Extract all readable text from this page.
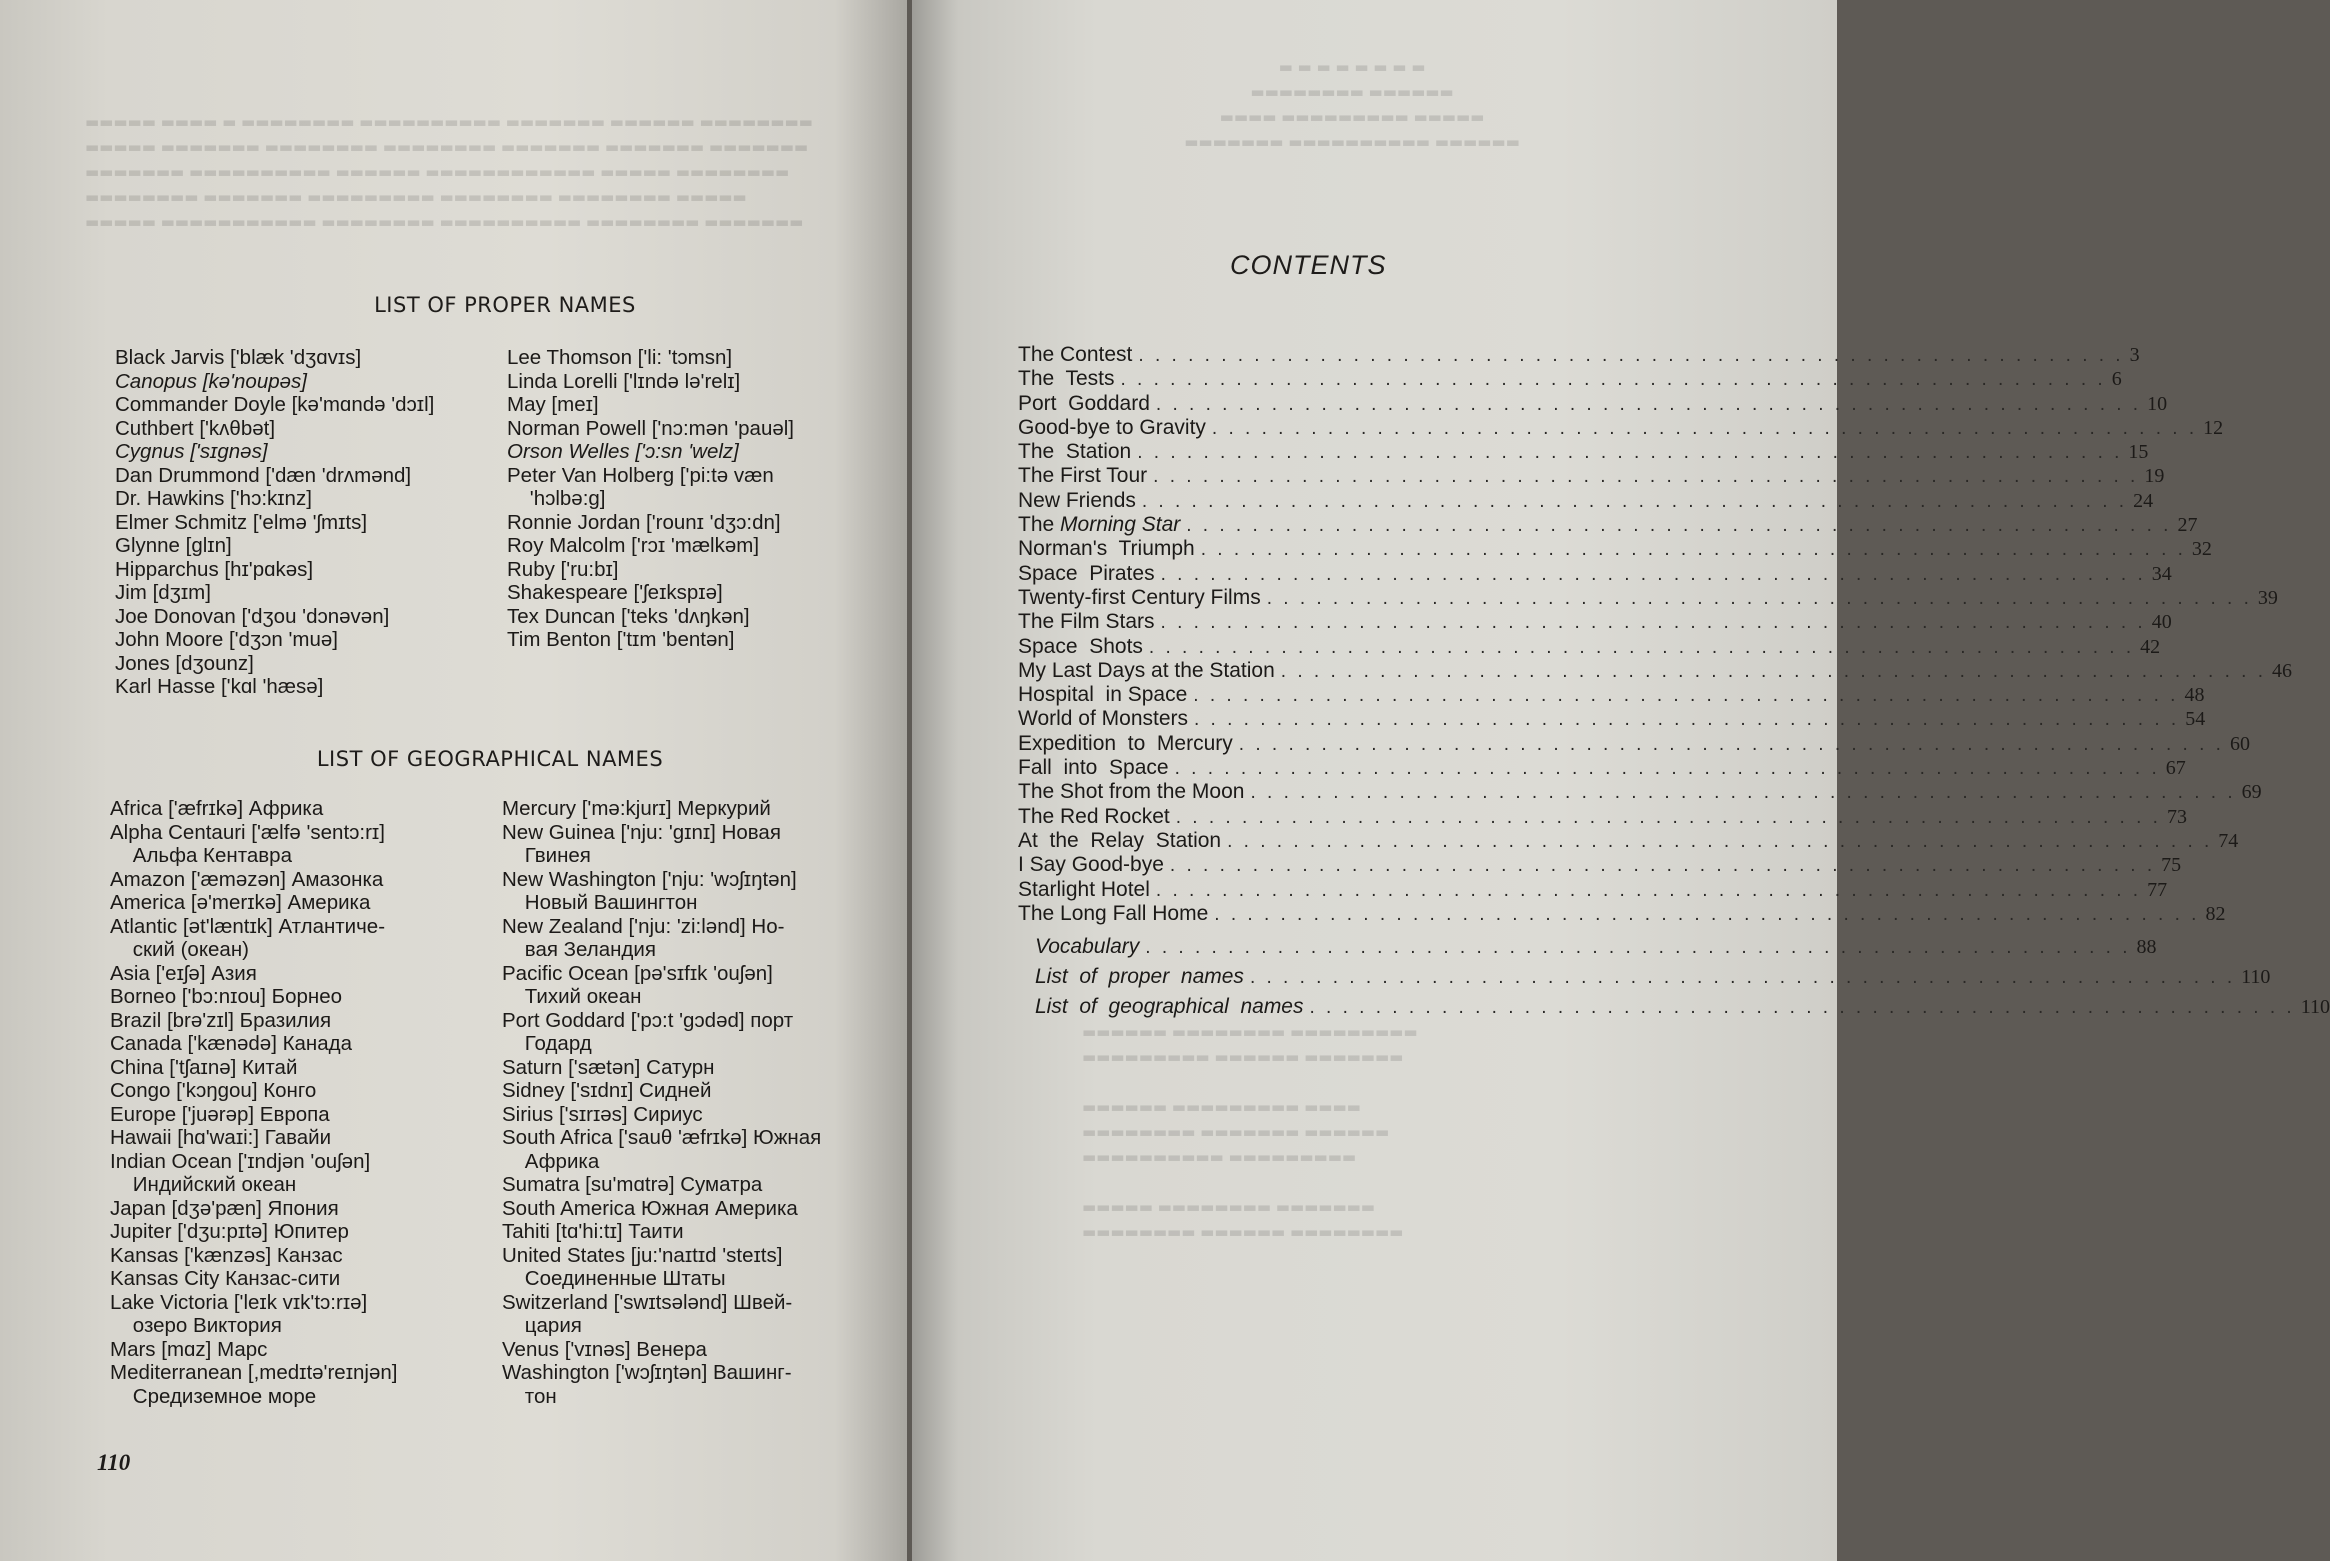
▬▬▬▬▬ ▬▬▬▬ ▬ ▬▬▬▬▬▬▬▬ ▬▬▬▬▬▬▬▬▬▬ ▬▬▬▬▬▬▬ ▬▬▬▬▬▬ ▬▬▬▬▬▬▬▬
▬▬▬▬▬ ▬▬▬▬▬▬▬ ▬▬▬▬▬▬▬▬ ▬▬▬▬▬▬▬▬ ▬▬▬▬▬▬▬ ▬▬▬▬▬▬▬ ▬▬▬▬▬▬▬
▬▬▬▬▬▬▬ ▬▬▬▬▬▬▬▬▬▬ ▬▬▬▬▬▬ ▬▬▬▬▬▬▬▬▬▬▬▬ ▬▬▬▬▬ ▬▬▬▬▬▬▬▬
▬▬▬▬▬▬▬▬ ▬▬▬▬▬▬▬ ▬▬▬▬▬▬▬▬▬ ▬▬▬▬▬▬▬▬ ▬▬▬▬▬▬▬▬ ▬▬▬▬▬
▬▬▬▬▬ ▬▬▬▬▬▬▬▬▬▬▬ ▬▬▬▬▬▬▬▬ ▬▬▬▬▬▬▬▬▬▬ ▬▬▬▬▬▬▬▬ ▬▬▬▬▬▬▬
LIST OF PROPER NAMES
Black Jarvis ['blæk 'dʒɑvɪs]
Canopus [kə'noupəs]
Commander Doyle [kə'mɑndə 'dɔɪl]
Cuthbert ['kʌθbət]
Cygnus ['sɪgnəs]
Dan Drummond ['dæn 'drʌmənd]
Dr. Hawkins ['hɔ:kɪnz]
Elmer Schmitz ['elmə 'ʃmɪts]
Glynne [glɪn]
Hipparchus [hɪ'pɑkəs]
Jim [dʒɪm]
Joe Donovan ['dʒou 'dɔnəvən]
John Moore ['dʒɔn 'muə]
Jones [dʒounz]
Karl Hasse ['kɑl 'hæsə]
Lee Thomson ['li: 'tɔmsn]
Linda Lorelli ['lɪndə lə'relɪ]
May [meɪ]
Norman Powell ['nɔ:mən 'pauəl]
Orson Welles ['ɔ:sn 'welz]
Peter Van Holberg ['pi:tə væn
'hɔlbə:g]
Ronnie Jordan ['rounɪ 'dʒɔ:dn]
Roy Malcolm ['rɔɪ 'mælkəm]
Ruby ['ru:bɪ]
Shakespeare ['ʃeɪkspɪə]
Tex Duncan ['teks 'dʌŋkən]
Tim Benton ['tɪm 'bentən]
LIST OF GEOGRAPHICAL NAMES
Africa ['æfrɪkə] Африка
Alpha Centauri ['ælfə 'sentɔ:rɪ]
Альфа Кентавра
Amazon ['æməzən] Амазонка
America [ə'merɪkə] Америка
Atlantic [ət'læntɪk] Атлантиче-
ский (океан)
Asia ['eɪʃə] Азия
Borneo ['bɔ:nɪou] Борнео
Brazil [brə'zɪl] Бразилия
Canada ['kænədə] Канада
China ['tʃaɪnə] Китай
Congo ['kɔŋgou] Конго
Europe ['juərəp] Европа
Hawaii [hɑ'waɪi:] Гавайи
Indian Ocean ['ɪndjən 'ouʃən]
Индийский океан
Japan [dʒə'pæn] Япония
Jupiter ['dʒu:pɪtə] Юпитер
Kansas ['kænzəs] Канзас
Kansas City Канзас-сити
Lake Victoria ['leɪk vɪk'tɔ:rɪə]
озеро Виктория
Mars [mɑz] Марс
Mediterranean [,medɪtə'reɪnjən]
Средиземное море
Mercury ['mə:kjurɪ] Меркурий
New Guinea ['nju: 'gɪnɪ] Новая
Гвинея
New Washington ['nju: 'wɔʃɪŋtən]
Новый Вашингтон
New Zealand ['nju: 'zi:lənd] Но-
вая Зеландия
Pacific Ocean [pə'sɪfɪk 'ouʃən]
Тихий океан
Port Goddard ['pɔ:t 'gɔdəd] порт
Годард
Saturn ['sætən] Сатурн
Sidney ['sɪdnɪ] Сидней
Sirius ['sɪrɪəs] Сириус
South Africa ['sauθ 'æfrɪkə] Южная
Африка
Sumatra [su'mɑtrə] Суматра
South America Южная Америка
Tahiti [tɑ'hi:tɪ] Таити
United States [ju:'naɪtɪd 'steɪts]
Соединенные Штаты
Switzerland ['swɪtsələnd] Швей-
цария
Venus ['vɪnəs] Венера
Washington ['wɔʃɪŋtən] Вашинг-
тон
110
▬ ▬ ▬ ▬ ▬ ▬ ▬ ▬
▬▬▬▬▬▬▬▬ ▬▬▬▬▬▬
▬▬▬▬ ▬▬▬▬▬▬▬▬▬ ▬▬▬▬▬
▬▬▬▬▬▬▬ ▬▬▬▬▬▬▬▬▬▬ ▬▬▬▬▬▬
▬▬▬▬▬▬ ▬▬▬▬▬▬▬▬ ▬▬▬▬▬▬▬▬▬
▬▬▬▬▬▬▬▬▬ ▬▬▬▬▬▬ ▬▬▬▬▬▬▬

▬▬▬▬▬▬ ▬▬▬▬▬▬▬▬▬ ▬▬▬▬
▬▬▬▬▬▬▬▬ ▬▬▬▬▬▬▬ ▬▬▬▬▬▬
▬▬▬▬▬▬▬▬▬▬ ▬▬▬▬▬▬▬▬▬

▬▬▬▬▬ ▬▬▬▬▬▬▬▬ ▬▬▬▬▬▬▬
▬▬▬▬▬▬▬▬ ▬▬▬▬▬▬ ▬▬▬▬▬▬▬▬
CONTENTS
The Contest . . . . . . . . . . . . . . . . . . . . . . . . . . . . . . . . . . . . . . . . . . . . . . . . . . . . . . . . . . . . 3
The  Tests . . . . . . . . . . . . . . . . . . . . . . . . . . . . . . . . . . . . . . . . . . . . . . . . . . . . . . . . . . . . 6
Port  Goddard . . . . . . . . . . . . . . . . . . . . . . . . . . . . . . . . . . . . . . . . . . . . . . . . . . . . . . . . . . . . 10
Good-bye to Gravity . . . . . . . . . . . . . . . . . . . . . . . . . . . . . . . . . . . . . . . . . . . . . . . . . . . . . . . . . . . . 12
The  Station . . . . . . . . . . . . . . . . . . . . . . . . . . . . . . . . . . . . . . . . . . . . . . . . . . . . . . . . . . . . 15
The First Tour . . . . . . . . . . . . . . . . . . . . . . . . . . . . . . . . . . . . . . . . . . . . . . . . . . . . . . . . . . . . 19
New Friends . . . . . . . . . . . . . . . . . . . . . . . . . . . . . . . . . . . . . . . . . . . . . . . . . . . . . . . . . . . . 24
The Morning Star . . . . . . . . . . . . . . . . . . . . . . . . . . . . . . . . . . . . . . . . . . . . . . . . . . . . . . . . . . . . 27
Norman's  Triumph . . . . . . . . . . . . . . . . . . . . . . . . . . . . . . . . . . . . . . . . . . . . . . . . . . . . . . . . . . . . 32
Space  Pirates . . . . . . . . . . . . . . . . . . . . . . . . . . . . . . . . . . . . . . . . . . . . . . . . . . . . . . . . . . . . 34
Twenty-first Century Films . . . . . . . . . . . . . . . . . . . . . . . . . . . . . . . . . . . . . . . . . . . . . . . . . . . . . . . . . . . . 39
The Film Stars . . . . . . . . . . . . . . . . . . . . . . . . . . . . . . . . . . . . . . . . . . . . . . . . . . . . . . . . . . . . 40
Space  Shots . . . . . . . . . . . . . . . . . . . . . . . . . . . . . . . . . . . . . . . . . . . . . . . . . . . . . . . . . . . . 42
My Last Days at the Station . . . . . . . . . . . . . . . . . . . . . . . . . . . . . . . . . . . . . . . . . . . . . . . . . . . . . . . . . . . . 46
Hospital  in Space . . . . . . . . . . . . . . . . . . . . . . . . . . . . . . . . . . . . . . . . . . . . . . . . . . . . . . . . . . . . 48
World of Monsters . . . . . . . . . . . . . . . . . . . . . . . . . . . . . . . . . . . . . . . . . . . . . . . . . . . . . . . . . . . . 54
Expedition  to  Mercury . . . . . . . . . . . . . . . . . . . . . . . . . . . . . . . . . . . . . . . . . . . . . . . . . . . . . . . . . . . . 60
Fall  into  Space . . . . . . . . . . . . . . . . . . . . . . . . . . . . . . . . . . . . . . . . . . . . . . . . . . . . . . . . . . . . 67
The Shot from the Moon . . . . . . . . . . . . . . . . . . . . . . . . . . . . . . . . . . . . . . . . . . . . . . . . . . . . . . . . . . . . 69
The Red Rocket . . . . . . . . . . . . . . . . . . . . . . . . . . . . . . . . . . . . . . . . . . . . . . . . . . . . . . . . . . . . 73
At  the  Relay  Station . . . . . . . . . . . . . . . . . . . . . . . . . . . . . . . . . . . . . . . . . . . . . . . . . . . . . . . . . . . . 74
I Say Good-bye . . . . . . . . . . . . . . . . . . . . . . . . . . . . . . . . . . . . . . . . . . . . . . . . . . . . . . . . . . . . 75
Starlight Hotel . . . . . . . . . . . . . . . . . . . . . . . . . . . . . . . . . . . . . . . . . . . . . . . . . . . . . . . . . . . . 77
The Long Fall Home . . . . . . . . . . . . . . . . . . . . . . . . . . . . . . . . . . . . . . . . . . . . . . . . . . . . . . . . . . . . 82
Vocabulary . . . . . . . . . . . . . . . . . . . . . . . . . . . . . . . . . . . . . . . . . . . . . . . . . . . . . . . . . . . . 88
List  of  proper  names . . . . . . . . . . . . . . . . . . . . . . . . . . . . . . . . . . . . . . . . . . . . . . . . . . . . . . . . . . . . 110
List  of  geographical  names . . . . . . . . . . . . . . . . . . . . . . . . . . . . . . . . . . . . . . . . . . . . . . . . . . . . . . . . . . . . 110
